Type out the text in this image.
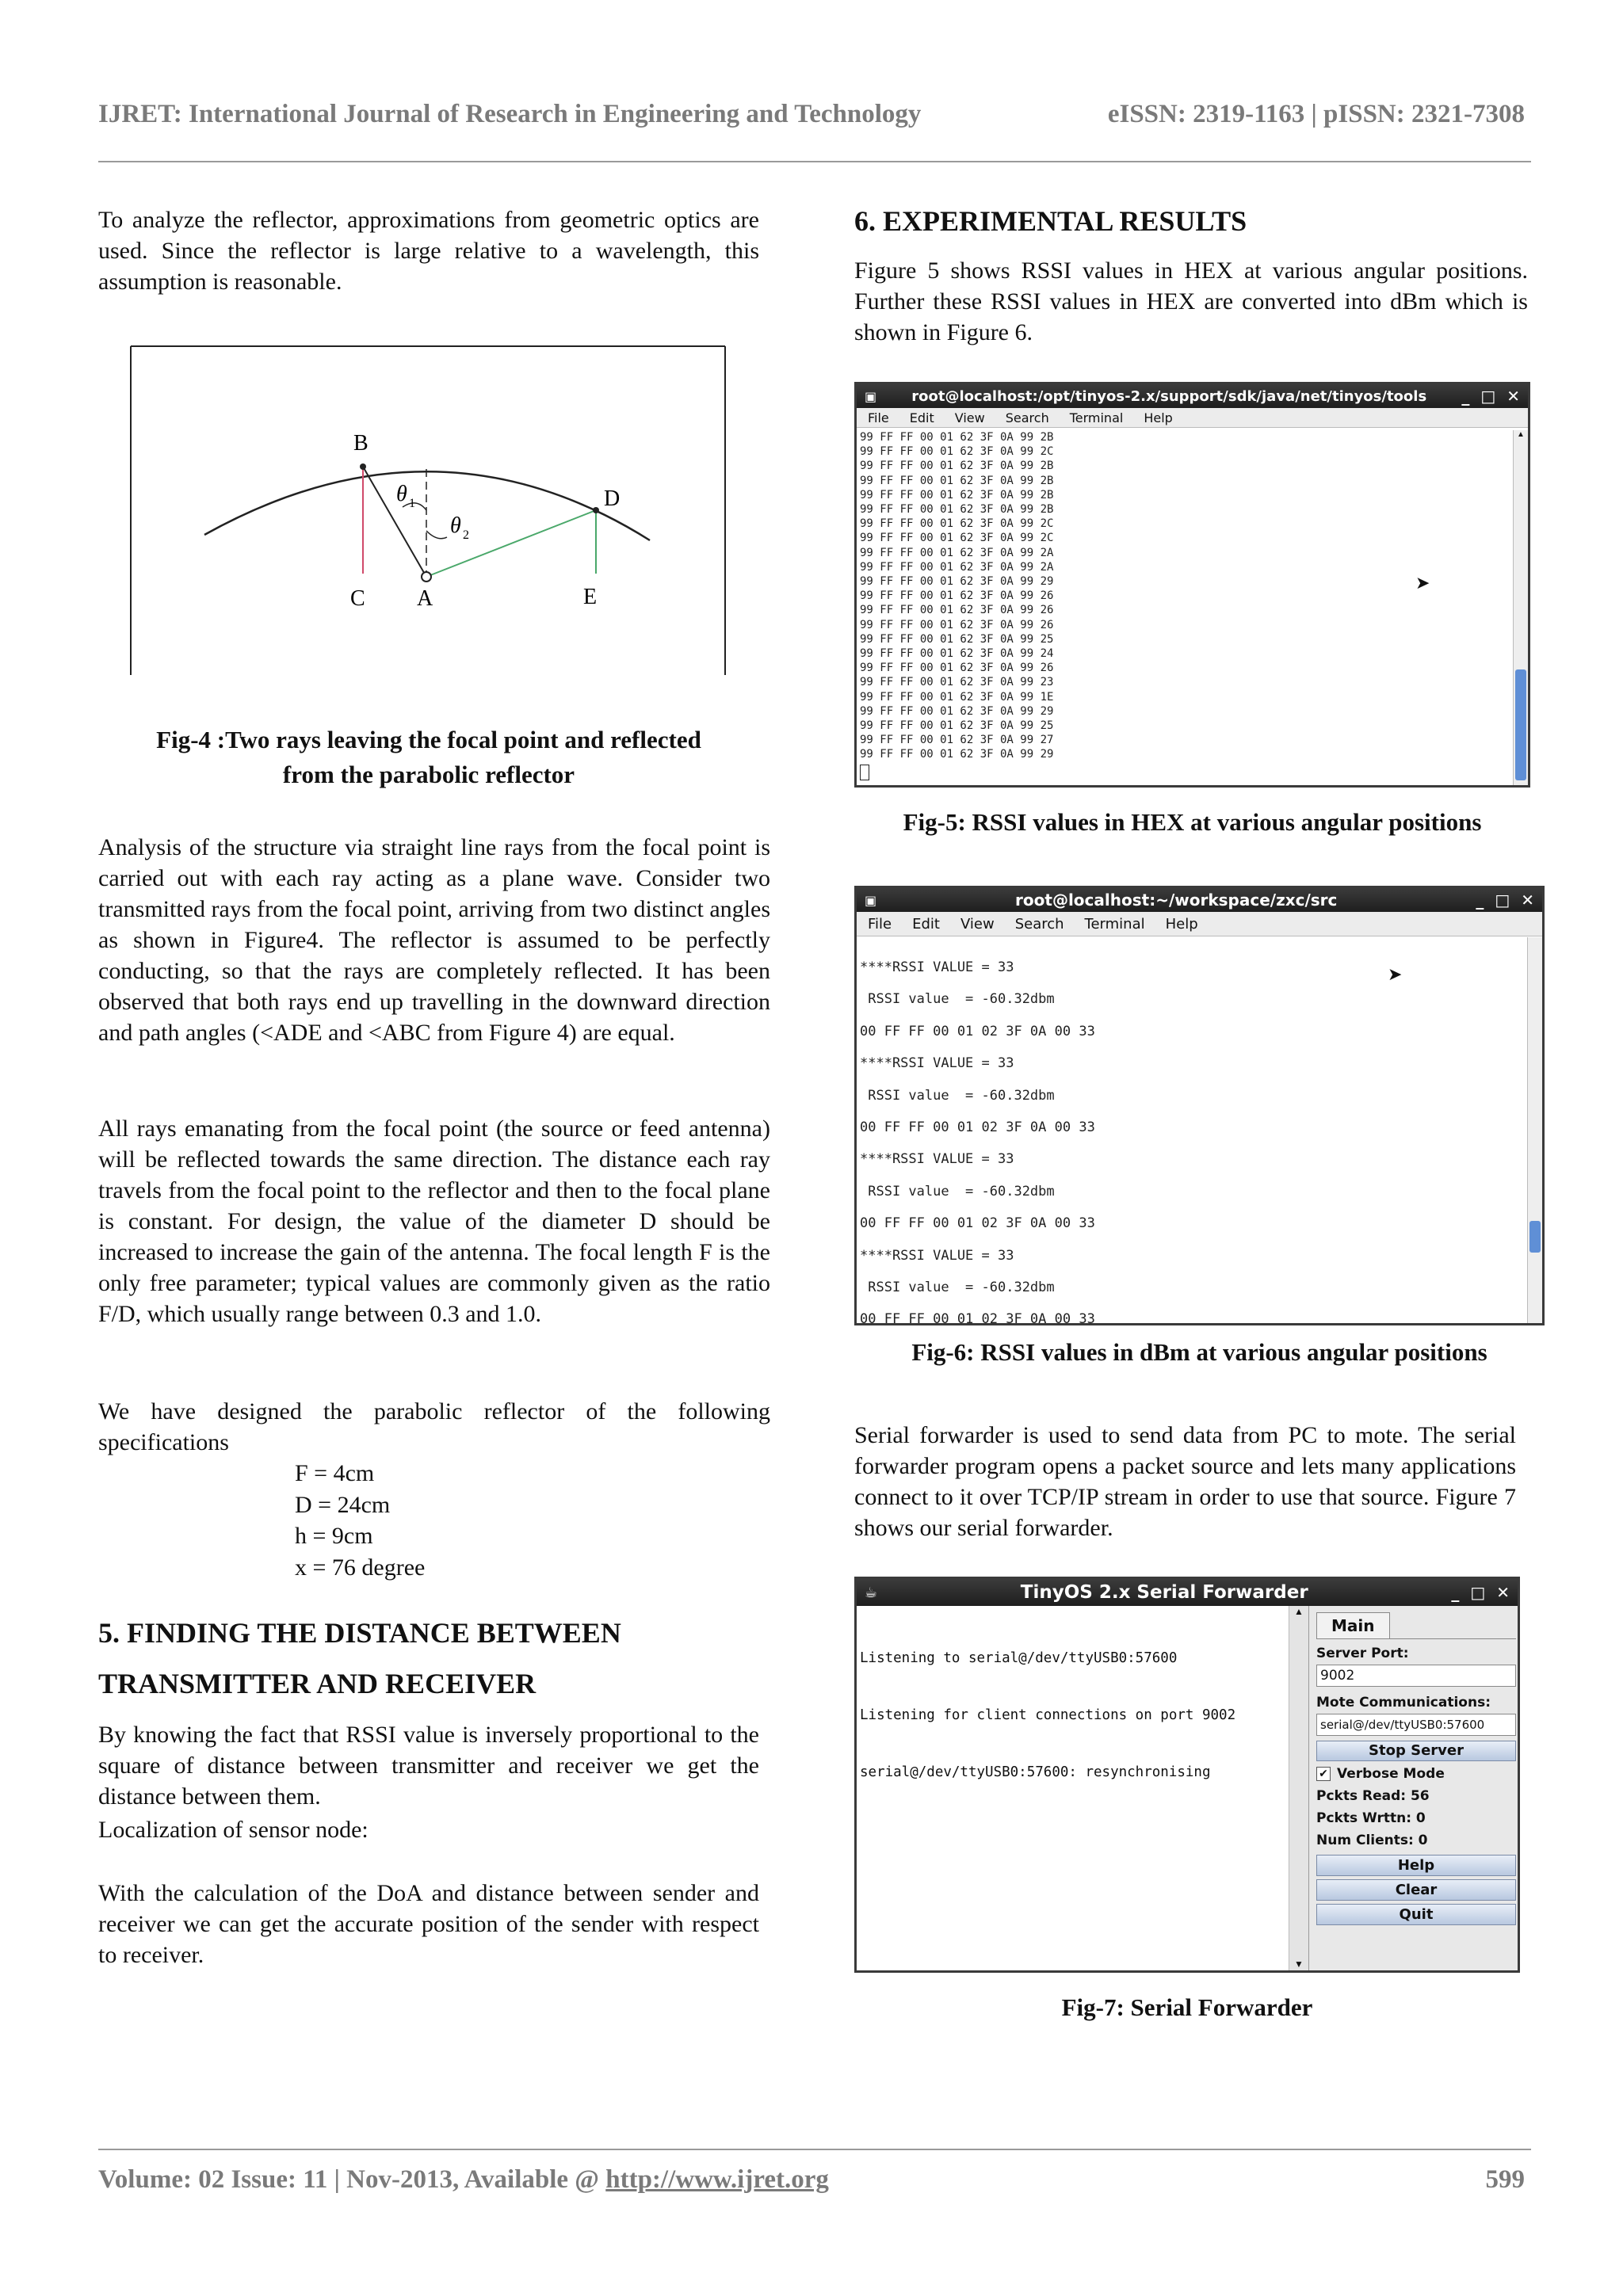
IJRET: International Journal of Research in Engineering and Technology	eISSN: 2319-1163 | pISSN: 2321-7308
To analyze the reflector, approximations from geometric optics are used. Since the reflector is large relative to a wavelength, this assumption is reasonable.
B
C A
D
E
θ 1
θ 2
Fig-4 :Two rays leaving the focal point and reflected
from the parabolic reflector
Analysis of the structure via straight line rays from the focal point is carried out with each ray acting as a plane wave. Consider two transmitted rays from the focal point, arriving from two distinct angles as shown in Figure4. The reflector is assumed to be perfectly conducting, so that the rays are completely reflected. It has been observed that both rays end up travelling in the downward direction and path angles (<ADE and <ABC from Figure 4) are equal.
All rays emanating from the focal point (the source or feed antenna) will be reflected towards the same direction. The distance each ray travels from the focal point to the reflector and then to the focal plane is constant. For design, the value of the diameter D should be increased to increase the gain of the antenna. The focal length F is the only free parameter; typical values are commonly given as the ratio F/D, which usually range between 0.3 and 1.0.
We have designed the parabolic reflector of the following specifications
F = 4cm
D = 24cm
h = 9cm
x = 76 degree
5. FINDING THE DISTANCE BETWEEN
TRANSMITTER AND RECEIVER
By knowing the fact that RSSI value is inversely proportional to the square of distance between transmitter and receiver we get the distance between them.
Localization of sensor node:
With the calculation of the DoA and distance between sender and receiver we can get the accurate position of the sender with respect to receiver.
6. EXPERIMENTAL RESULTS
Figure 5 shows RSSI values in HEX at various angular positions. Further these RSSI values in HEX are converted into dBm which is shown in Figure 6.
▣	root@localhost:/opt/tinyos-2.x/support/sdk/java/net/tinyos/tools	_ □ ✕
File Edit View Search Terminal Help
99 FF FF 00 01 62 3F 0A 99 2B
99 FF FF 00 01 62 3F 0A 99 2C
99 FF FF 00 01 62 3F 0A 99 2B
99 FF FF 00 01 62 3F 0A 99 2B
99 FF FF 00 01 62 3F 0A 99 2B
99 FF FF 00 01 62 3F 0A 99 2B
99 FF FF 00 01 62 3F 0A 99 2C
99 FF FF 00 01 62 3F 0A 99 2C
99 FF FF 00 01 62 3F 0A 99 2A
99 FF FF 00 01 62 3F 0A 99 2A
99 FF FF 00 01 62 3F 0A 99 29
99 FF FF 00 01 62 3F 0A 99 26
99 FF FF 00 01 62 3F 0A 99 26
99 FF FF 00 01 62 3F 0A 99 26
99 FF FF 00 01 62 3F 0A 99 25
99 FF FF 00 01 62 3F 0A 99 24
99 FF FF 00 01 62 3F 0A 99 26
99 FF FF 00 01 62 3F 0A 99 23
99 FF FF 00 01 62 3F 0A 99 1E
99 FF FF 00 01 62 3F 0A 99 29
99 FF FF 00 01 62 3F 0A 99 25
99 FF FF 00 01 62 3F 0A 99 27
99 FF FF 00 01 62 3F 0A 99 29
▲
➤
Fig-5: RSSI values in HEX at various angular positions
▣	root@localhost:~/workspace/zxc/src	_ □ ✕
File Edit View Search Terminal Help
****RSSI VALUE = 33
RSSI value  = -60.32dbm
00 FF FF 00 01 02 3F 0A 00 33
****RSSI VALUE = 33
RSSI value  = -60.32dbm
00 FF FF 00 01 02 3F 0A 00 33
****RSSI VALUE = 33
RSSI value  = -60.32dbm
00 FF FF 00 01 02 3F 0A 00 33
****RSSI VALUE = 33
RSSI value  = -60.32dbm
00 FF FF 00 01 02 3F 0A 00 33
➤
Fig-6: RSSI values in dBm at various angular positions
Serial forwarder is used to send data from PC to mote. The serial forwarder program opens a packet source and lets many applications connect to it over TCP/IP stream in order to use that source. Figure 7 shows our serial forwarder.
☕	TinyOS 2.x Serial Forwarder	_ □ ✕

Listening to serial@/dev/ttyUSB0:57600

Listening for client connections on port 9002

serial@/dev/ttyUSB0:57600: resynchronising

▲
▼
Main
Server Port:
9002
Mote Communications:
serial@/dev/ttyUSB0:57600
Stop Server
✔ Verbose Mode
Pckts Read: 56
Pckts Wrttn: 0
Num Clients: 0
Help
Clear
Quit
Fig-7: Serial Forwarder
Volume: 02 Issue: 11 | Nov-2013, Available @ http://www.ijret.org	599
